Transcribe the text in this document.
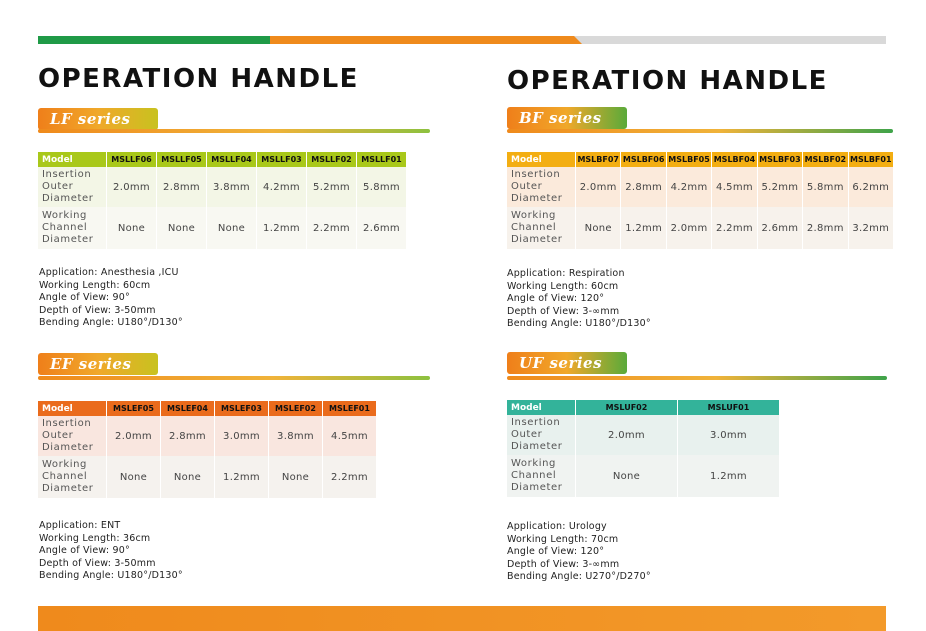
OPERATION HANDLE
LF series
Model	MSLLF06	MSLLF05	MSLLF04	MSLLF03	MSLLF02	MSLLF01
Insertion Outer Diameter	2.0mm	2.8mm	3.8mm	4.2mm	5.2mm	5.8mm
Working Channel Diameter	None	None	None	1.2mm	2.2mm	2.6mm
Application: Anesthesia ,ICU
Working Length: 60cm
Angle of View: 90°
Depth of View: 3-50mm
Bending Angle: U180°/D130°
EF series
Model	MSLEF05	MSLEF04	MSLEF03	MSLEF02	MSLEF01
Insertion Outer Diameter	2.0mm	2.8mm	3.0mm	3.8mm	4.5mm
Working Channel Diameter	None	None	1.2mm	None	2.2mm
Application: ENT
Working Length: 36cm
Angle of View: 90°
Depth of View: 3-50mm
Bending Angle: U180°/D130°
OPERATION HANDLE
BF series
Model	MSLBF07	MSLBF06	MSLBF05	MSLBF04	MSLBF03	MSLBF02	MSLBF01
Insertion Outer Diameter	2.0mm	2.8mm	4.2mm	4.5mm	5.2mm	5.8mm	6.2mm
Working Channel Diameter	None	1.2mm	2.0mm	2.2mm	2.6mm	2.8mm	3.2mm
Application: Respiration
Working Length: 60cm
Angle of View: 120°
Depth of View: 3-∞mm
Bending Angle: U180°/D130°
UF series
Model	MSLUF02	MSLUF01
Insertion Outer Diameter	2.0mm	3.0mm
Working Channel Diameter	None	1.2mm
Application: Urology
Working Length: 70cm
Angle of View: 120°
Depth of View: 3-∞mm
Bending Angle: U270°/D270°
